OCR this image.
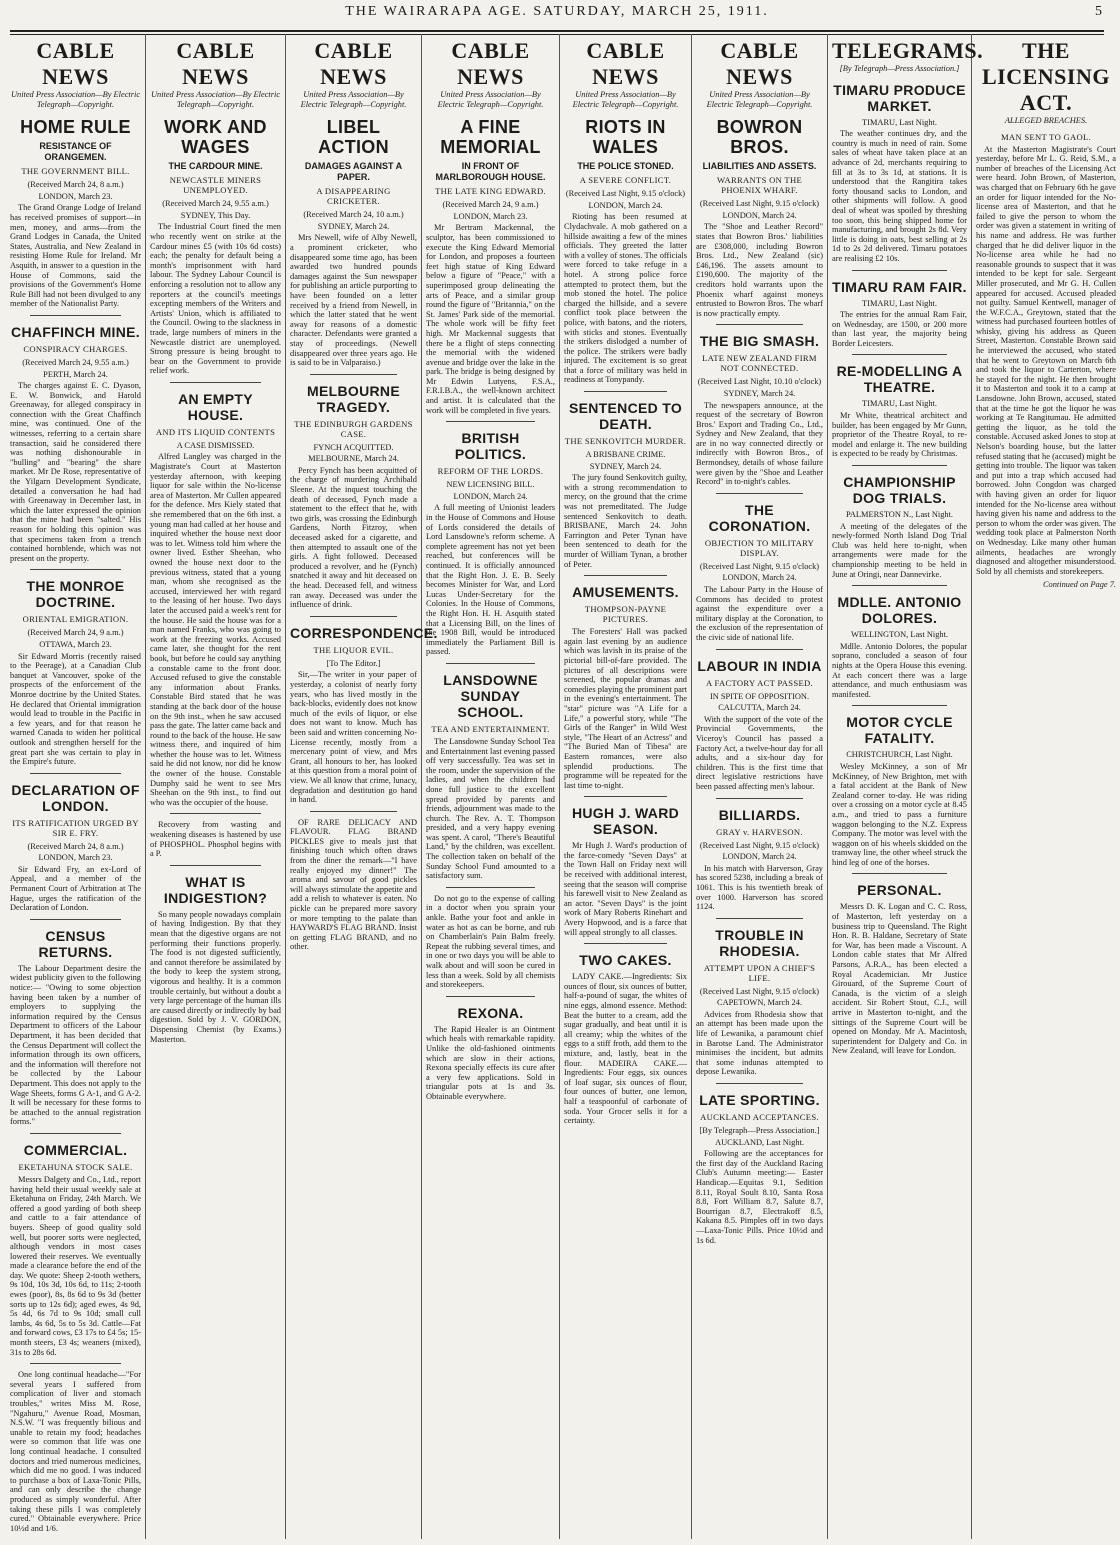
THE WAIRARAPA AGE. SATURDAY, MARCH 25, 1911.	5
CABLE NEWS
United Press Association—By Electric Telegraph—Copyright.
HOME RULE
RESISTANCE OF ORANGEMEN.
THE GOVERNMENT BILL.
(Received March 24, 8 a.m.)
LONDON, March 23.

The Grand Orange Lodge of Ireland has received promises of support—in men, money, and arms—from the Grand Lodges in Canada, the United States, Australia, and New Zealand in resisting Home Rule for Ireland. Mr Asquith, in answer to a question in the House of Commons, said the provisions of the Government's Home Rule Bill had not been divulged to any member of the Nationalist Party.

CHAFFINCH MINE.
CONSPIRACY CHARGES.
(Received March 24, 9.55 a.m.)
PERTH, March 24.

The charges against E. C. Dyason, E. W. Bonwick, and Harold Greenaway, for alleged conspiracy in connection with the Great Chaffinch mine, was continued. One of the witnesses, referring to a certain share transaction, said he considered there was nothing dishonourable in "bulling" and "bearing" the share market. Mr De Rose, representative of the Yilgarn Development Syndicate, detailed a conversation he had had with Greenaway in December last, in which the latter expressed the opinion that the mine had been "salted." His reason for holding this opinion was that specimens taken from a trench contained hornblende, which was not present on the property.

THE MONROE DOCTRINE.
ORIENTAL EMIGRATION.
(Received March 24, 9 a.m.)
OTTAWA, March 23.

Sir Edward Morris (recently raised to the Peerage), at a Canadian Club banquet at Vancouver, spoke of the prospects of the enforcement of the Monroe doctrine by the United States. He declared that Oriental immigration would lead to trouble in the Pacific in a few years, and for that reason he warned Canada to widen her political outlook and strengthen herself for the great part she was certain to play in the Empire's future.

DECLARATION OF LONDON.
ITS RATIFICATION URGED BY SIR E. FRY.
(Received March 24, 8 a.m.)
LONDON, March 23.

Sir Edward Fry, an ex-Lord of Appeal, and a member of the Permanent Court of Arbitration at The Hague, urges the ratification of the Declaration of London.

CENSUS RETURNS.

The Labour Department desire the widest publicity given to the following notice:— "Owing to some objection having been taken by a number of employers to supplying the information required by the Census Department to officers of the Labour Department, it has been decided that the Census Department will collect the information through its own officers, and the information will therefore not be collected by the Labour Department. This does not apply to the Wage Sheets, forms G A-1, and G A-2. It will be necessary for these forms to be attached to the annual registration forms."

COMMERCIAL.
EKETAHUNA STOCK SALE.

Messrs Dalgety and Co., Ltd., report having held their usual weekly sale at Eketahuna on Friday, 24th March. We offered a good yarding of both sheep and cattle to a fair attendance of buyers. Sheep of good quality sold well, but poorer sorts were neglected, although vendors in most cases lowered their reserves. We eventually made a clearance before the end of the day. We quote: Sheep 2-tooth wethers, 9s 10d, 10s 3d, 10s 6d, to 11s; 2-tooth ewes (poor), 8s, 8s 6d to 9s 3d (better sorts up to 12s 6d); aged ewes, 4s 9d, 5s 4d, 6s 7d to 9s 10d; small cull lambs, 4s 6d, 5s to 5s 3d. Cattle—Fat and forward cows, £3 17s to £4 5s; 15-month steers, £3 4s; weaners (mixed), 31s to 28s 6d.

One long continual headache—"For several years I suffered from complication of liver and stomach troubles," writes Miss M. Rose, "Ngahuru," Avenue Road, Mosman, N.S.W. "I was frequently bilious and unable to retain my food; headaches were so common that life was one long continual headache. I consulted doctors and tried numerous medicines, which did me no good. I was induced to purchase a box of Laxa-Tonic Pills, and can only describe the change produced as simply wonderful. After taking these pills I was completely cured." Obtainable everywhere. Price 10½d and 1/6.

CABLE NEWS
United Press Association—By Electric Telegraph—Copyright.
WORK AND WAGES
THE CARDOUR MINE.
NEWCASTLE MINERS UNEMPLOYED.
(Received March 24, 9.55 a.m.)
SYDNEY, This Day.

The Industrial Court fined the men who recently went on strike at the Cardour mines £5 (with 10s 6d costs) each; the penalty for default being a month's imprisonment with hard labour. The Sydney Labour Council is enforcing a resolution not to allow any reporters at the council's meetings excepting members of the Writers and Artists' Union, which is affiliated to the Council. Owing to the slackness in trade, large numbers of miners in the Newcastle district are unemployed. Strong pressure is being brought to bear on the Government to provide relief work.

AN EMPTY HOUSE.
AND ITS LIQUID CONTENTS
A CASE DISMISSED.

Alfred Langley was charged in the Magistrate's Court at Masterton yesterday afternoon, with keeping liquor for sale within the No-license area of Masterton. Mr Cullen appeared for the defence. Mrs Kiely stated that she remembered that on the 6th inst. a young man had called at her house and inquired whether the house next door was to let. Witness told him where the owner lived. Esther Sheehan, who owned the house next door to the previous witness, stated that a young man, whom she recognised as the accused, interviewed her with regard to the leasing of her house. Two days later the accused paid a week's rent for the house. He said the house was for a man named Franks, who was going to work at the freezing works. Accused came later, she thought for the rent book, but before he could say anything a constable came to the front door. Accused refused to give the constable any information about Franks. Constable Bird stated that he was standing at the back door of the house on the 9th inst., when he saw accused pass the gate. The latter came back and round to the back of the house. He saw witness there, and inquired of him whether the house was to let. Witness said he did not know, nor did he know the owner of the house. Constable Dumphy said he went to see Mrs Sheehan on the 9th inst., to find out who was the occupier of the house.

Recovery from wasting and weakening diseases is hastened by use of PHOSPHOL. Phosphol begins with a P.

WHAT IS INDIGESTION?

So many people nowadays complain of having Indigestion. By that they mean that the digestive organs are not performing their functions properly. The food is not digested sufficiently, and cannot therefore be assimilated by the body to keep the system strong, vigorous and healthy. It is a common trouble certainly, but without a doubt a very large percentage of the human ills are caused directly or indirectly by bad digestion. Sold by J. V. GORDON, Dispensing Chemist (by Exams.) Masterton.

CABLE NEWS
United Press Association—By Electric Telegraph—Copyright.
LIBEL ACTION
DAMAGES AGAINST A PAPER.
A DISAPPEARING CRICKETER.
(Received March 24, 10 a.m.)
SYDNEY, March 24.

Mrs Newell, wife of Alby Newell, a prominent cricketer, who disappeared some time ago, has been awarded two hundred pounds damages against the Sun newspaper for publishing an article purporting to have been founded on a letter received by a friend from Newell, in which the latter stated that he went away for reasons of a domestic character. Defendants were granted a stay of proceedings. (Newell disappeared over three years ago. He is said to be in Valparaiso.)

MELBOURNE TRAGEDY.
THE EDINBURGH GARDENS CASE.
FYNCH ACQUITTED.
MELBOURNE, March 24.

Percy Fynch has been acquitted of the charge of murdering Archibald Sleene. At the inquest touching the death of deceased, Fynch made a statement to the effect that he, with two girls, was crossing the Edinburgh Gardens, North Fitzroy, when deceased asked for a cigarette, and then attempted to assault one of the girls. A fight followed. Deceased produced a revolver, and he (Fynch) snatched it away and hit deceased on the head. Deceased fell, and witness ran away. Deceased was under the influence of drink.

CORRESPONDENCE.
THE LIQUOR EVIL.
[To The Editor.]

Sir,—The writer in your paper of yesterday, a colonist of nearly forty years, who has lived mostly in the back-blocks, evidently does not know much of the evils of liquor, or else does not want to know. Much has been said and written concerning No-License recently, mostly from a mercenary point of view, and Mrs Grant, all honours to her, has looked at this question from a moral point of view. We all know that crime, lunacy, degradation and destitution go hand in hand.

OF RARE DELICACY AND FLAVOUR. FLAG BRAND PICKLES give to meals just that finishing touch which often draws from the diner the remark—"I have really enjoyed my dinner!" The aroma and savour of good pickles will always stimulate the appetite and add a relish to whatever is eaten. No pickle can be prepared more savory or more tempting to the palate than HAYWARD'S FLAG BRAND. Insist on getting FLAG BRAND, and no other.

CABLE NEWS
United Press Association—By Electric Telegraph—Copyright.
A FINE MEMORIAL
IN FRONT OF MARLBOROUGH HOUSE.
THE LATE KING EDWARD.
(Received March 24, 9 a.m.)
LONDON, March 23.

Mr Bertram Mackennal, the sculptor, has been commissioned to execute the King Edward Memorial for London, and proposes a fourteen feet high statue of King Edward below a figure of "Peace," with a superimposed group delineating the arts of Peace, and a similar group round the figure of "Britannia," on the St. James' Park side of the memorial. The whole work will be fifty feet high. Mr Mackennal suggests that there be a flight of steps connecting the memorial with the widened avenue and bridge over the lake in the park. The bridge is being designed by Mr Edwin Lutyens, F.S.A., F.R.I.B.A., the well-known architect and artist. It is calculated that the work will be completed in five years.

BRITISH POLITICS.
REFORM OF THE LORDS.
NEW LICENSING BILL.
LONDON, March 24.

A full meeting of Unionist leaders in the House of Commons and House of Lords considered the details of Lord Lansdowne's reform scheme. A complete agreement has not yet been reached, but conferences will be continued. It is officially announced that the Right Hon. J. E. B. Seely becomes Minister for War, and Lord Lucas Under-Secretary for the Colonies. In the House of Commons, the Right Hon. H. H. Asquith stated that a Licensing Bill, on the lines of the 1908 Bill, would be introduced immediately the Parliament Bill is passed.

LANSDOWNE SUNDAY SCHOOL.
TEA AND ENTERTAINMENT.

The Lansdowne Sunday School Tea and Entertainment last evening passed off very successfully. Tea was set in the room, under the supervision of the ladies, and when the children had done full justice to the excellent spread provided by parents and friends, adjournment was made to the church. The Rev. A. T. Thompson presided, and a very happy evening was spent. A carol, "There's Beautiful Land," by the children, was excellent. The collection taken on behalf of the Sunday School Fund amounted to a satisfactory sum.

Do not go to the expense of calling in a doctor when you sprain your ankle. Bathe your foot and ankle in water as hot as can be borne, and rub on Chamberlain's Pain Balm freely. Repeat the rubbing several times, and in one or two days you will be able to walk about and will soon be cured in less than a week. Sold by all chemists and storekeepers.

REXONA.

The Rapid Healer is an Ointment which heals with remarkable rapidity. Unlike the old-fashioned ointments which are slow in their actions, Rexona specially effects its cure after a very few applications. Sold in triangular pots at 1s and 3s. Obtainable everywhere.

CABLE NEWS
United Press Association—By Electric Telegraph—Copyright.
RIOTS IN WALES
THE POLICE STONED.
A SEVERE CONFLICT.
(Received Last Night, 9.15 o'clock)
LONDON, March 24.

Rioting has been resumed at Clydachvale. A mob gathered on a hillside awaiting a few of the mines officials. They greeted the latter with a volley of stones. The officials were forced to take refuge in a hotel. A strong police force attempted to protect them, but the mob stoned the hotel. The police charged the hillside, and a severe conflict took place between the police, with batons, and the rioters, with sticks and stones. Eventually the strikers dislodged a number of the police. The strikers were badly injured. The excitement is so great that a force of military was held in readiness at Tonypandy.

SENTENCED TO DEATH.
THE SENKOVITCH MURDER.
A BRISBANE CRIME.
SYDNEY, March 24.

The jury found Senkovitch guilty, with a strong recommendation to mercy, on the ground that the crime was not premeditated. The Judge sentenced Senkovitch to death. BRISBANE, March 24. John Farrington and Peter Tynan have been sentenced to death for the murder of William Tynan, a brother of Peter.

AMUSEMENTS.
THOMPSON-PAYNE PICTURES.

The Foresters' Hall was packed again last evening by an audience which was lavish in its praise of the pictorial bill-of-fare provided. The pictures of all descriptions were screened, the popular dramas and comedies playing the prominent part in the evening's entertainment. The "star" picture was "A Life for a Life," a powerful story, while "The Girls of the Ranger" in Wild West style, "The Heart of an Actress" and "The Buried Man of Tibesa" are Eastern romances, were also splendid productions. The programme will be repeated for the last time to-night.

HUGH J. WARD SEASON.

Mr Hugh J. Ward's production of the farce-comedy "Seven Days" at the Town Hall on Friday next will be received with additional interest, seeing that the season will comprise his farewell visit to New Zealand as an actor. "Seven Days" is the joint work of Mary Roberts Rinehart and Avery Hopwood, and is a farce that will appeal strongly to all classes.

TWO CAKES.

LADY CAKE.—Ingredients: Six ounces of flour, six ounces of butter, half-a-pound of sugar, the whites of nine eggs, almond essence. Method: Beat the butter to a cream, add the sugar gradually, and beat until it is all creamy; whip the whites of the eggs to a stiff froth, add them to the mixture, and, lastly, beat in the flour. MADEIRA CAKE.—Ingredients: Four eggs, six ounces of loaf sugar, six ounces of flour, four ounces of butter, one lemon, half a teaspoonful of carbonate of soda. Your Grocer sells it for a certainty.

CABLE NEWS
United Press Association—By Electric Telegraph—Copyright.
BOWRON BROS.
LIABILITIES AND ASSETS.
WARRANTS ON THE PHOENIX WHARF.
(Received Last Night, 9.15 o'clock)
LONDON, March 24.

The "Shoe and Leather Record" states that Bowron Bros.' liabilities are £308,000, including Bowron Bros. Ltd., New Zealand (sic) £46,196. The assets amount to £190,600. The majority of the creditors hold warrants upon the Phoenix wharf against moneys entrusted to Bowron Bros. The wharf is now practically empty.

THE BIG SMASH.
LATE NEW ZEALAND FIRM NOT CONNECTED.
(Received Last Night, 10.10 o'clock)
SYDNEY, March 24.

The newspapers announce, at the request of the secretary of Bowron Bros.' Export and Trading Co., Ltd., Sydney and New Zealand, that they are in no way connected directly or indirectly with Bowron Bros., of Bermondsey, details of whose failure were given by the "Shoe and Leather Record" in to-night's cables.

THE CORONATION.
OBJECTION TO MILITARY DISPLAY.
(Received Last Night, 9.15 o'clock)
LONDON, March 24.

The Labour Party in the House of Commons has decided to protest against the expenditure over a military display at the Coronation, to the exclusion of the representation of the civic side of national life.

LABOUR IN INDIA
A FACTORY ACT PASSED.
IN SPITE OF OPPOSITION.
CALCUTTA, March 24.

With the support of the vote of the Provincial Governments, the Viceroy's Council has passed a Factory Act, a twelve-hour day for all adults, and a six-hour day for children. This is the first time that direct legislative restrictions have been passed affecting men's labour.

BILLIARDS.
GRAY v. HARVESON.
(Received Last Night, 9.15 o'clock)
LONDON, March 24.

In his match with Harverson, Gray has scored 5238, including a break of 1061. This is his twentieth break of over 1000. Harverson has scored 1124.

TROUBLE IN RHODESIA.
ATTEMPT UPON A CHIEF'S LIFE.
(Received Last Night, 9.15 o'clock)
CAPETOWN, March 24.

Advices from Rhodesia show that an attempt has been made upon the life of Lewanika, a paramount chief in Barotse Land. The Administrator minimises the incident, but admits that some indunas attempted to depose Lewanika.

LATE SPORTING.
AUCKLAND ACCEPTANCES.
[By Telegraph—Press Association.]
AUCKLAND, Last Night.

Following are the acceptances for the first day of the Auckland Racing Club's Autumn meeting:— Easter Handicap.—Equitas 9.1, Sedition 8.11, Royal Soult 8.10, Santa Rosa 8.8, Fort William 8.7, Salute 8.7, Bourrigan 8.7, Electrakoff 8.5, Kakana 8.5. Pimples off in two days—Laxa-Tonic Pills. Price 10½d and 1s 6d.

TELEGRAMS.
[By Telegraph—Press Association.]
TIMARU PRODUCE MARKET.
TIMARU, Last Night.

The weather continues dry, and the country is much in need of rain. Some sales of wheat have taken place at an advance of 2d, merchants requiring to fill at 3s to 3s 1d, at stations. It is understood that the Rangitira takes forty thousand sacks to London, and other shipments will follow. A good deal of wheat was spoiled by threshing too soon, this being shipped home for manufacturing, and brought 2s 8d. Very little is doing in oats, best selling at 2s 1d to 2s 2d delivered. Timaru potatoes are realising £2 10s.

TIMARU RAM FAIR.
TIMARU, Last Night.

The entries for the annual Ram Fair, on Wednesday, are 1500, or 200 more than last year, the majority being Border Leicesters.

RE-MODELLING A THEATRE.
TIMARU, Last Night.

Mr White, theatrical architect and builder, has been engaged by Mr Gunn, proprietor of the Theatre Royal, to re-model and enlarge it. The new building is expected to be ready by Christmas.

CHAMPIONSHIP DOG TRIALS.
PALMERSTON N., Last Night.

A meeting of the delegates of the newly-formed North Island Dog Trial Club was held here to-night, when arrangements were made for the championship meeting to be held in June at Oringi, near Dannevirke.

MDLLE. ANTONIO DOLORES.
WELLINGTON, Last Night.

Mdlle. Antonio Dolores, the popular soprano, concluded a season of four nights at the Opera House this evening. At each concert there was a large attendance, and much enthusiasm was manifested.

MOTOR CYCLE FATALITY.
CHRISTCHURCH, Last Night.

Wesley McKinney, a son of Mr McKinney, of New Brighton, met with a fatal accident at the Bank of New Zealand corner to-day. He was riding over a crossing on a motor cycle at 8.45 a.m., and tried to pass a furniture waggon belonging to the N.Z. Express Company. The motor was level with the waggon on of his wheels skidded on the tramway line, the other wheel struck the hind leg of one of the horses.

PERSONAL.

Messrs D. K. Logan and C. C. Ross, of Masterton, left yesterday on a business trip to Queensland. The Right Hon. R. B. Haldane, Secretary of State for War, has been made a Viscount. A London cable states that Mr Alfred Parsons, A.R.A., has been elected a Royal Academician. Mr Justice Girouard, of the Supreme Court of Canada, is the victim of a sleigh accident. Sir Robert Stout, C.J., will arrive in Masterton to-night, and the sittings of the Supreme Court will be opened on Monday. Mr A. Macintosh, superintendent for Dalgety and Co. in New Zealand, will leave for London.

THE LICENSING ACT.
ALLEGED BREACHES.
MAN SENT TO GAOL.

At the Masterton Magistrate's Court yesterday, before Mr L. G. Reid, S.M., a number of breaches of the Licensing Act were heard. John Brown, of Masterton, was charged that on February 6th he gave an order for liquor intended for the No-license area of Masterton, and that he failed to give the person to whom the order was given a statement in writing of his name and address. He was further charged that he did deliver liquor in the No-license area while he had no reasonable grounds to suspect that it was intended to be kept for sale. Sergeant Miller prosecuted, and Mr G. H. Cullen appeared for accused. Accused pleaded not guilty. Samuel Kentwell, manager of the W.F.C.A., Greytown, stated that the witness had purchased fourteen bottles of whisky, giving his address as Queen Street, Masterton. Constable Brown said he interviewed the accused, who stated that he went to Greytown on March 6th and took the liquor to Carterton, where he stayed for the night. He then brought it to Masterton and took it to a camp at Lansdowne. John Brown, accused, stated that at the time he got the liquor he was working at Te Rangitumau. He admitted getting the liquor, as he told the constable. Accused asked Jones to stop at Nelson's boarding house, but the latter refused stating that he (accused) might be getting into trouble. The liquor was taken and put into a trap which accused had borrowed. John Congdon was charged with having given an order for liquor intended for the No-license area without having given his name and address to the person to whom the order was given. The wedding took place at Palmerston North on Wednesday. Like many other human ailments, headaches are wrongly diagnosed and altogether misunderstood. Sold by all chemists and storekeepers.

Continued on Page 7.
